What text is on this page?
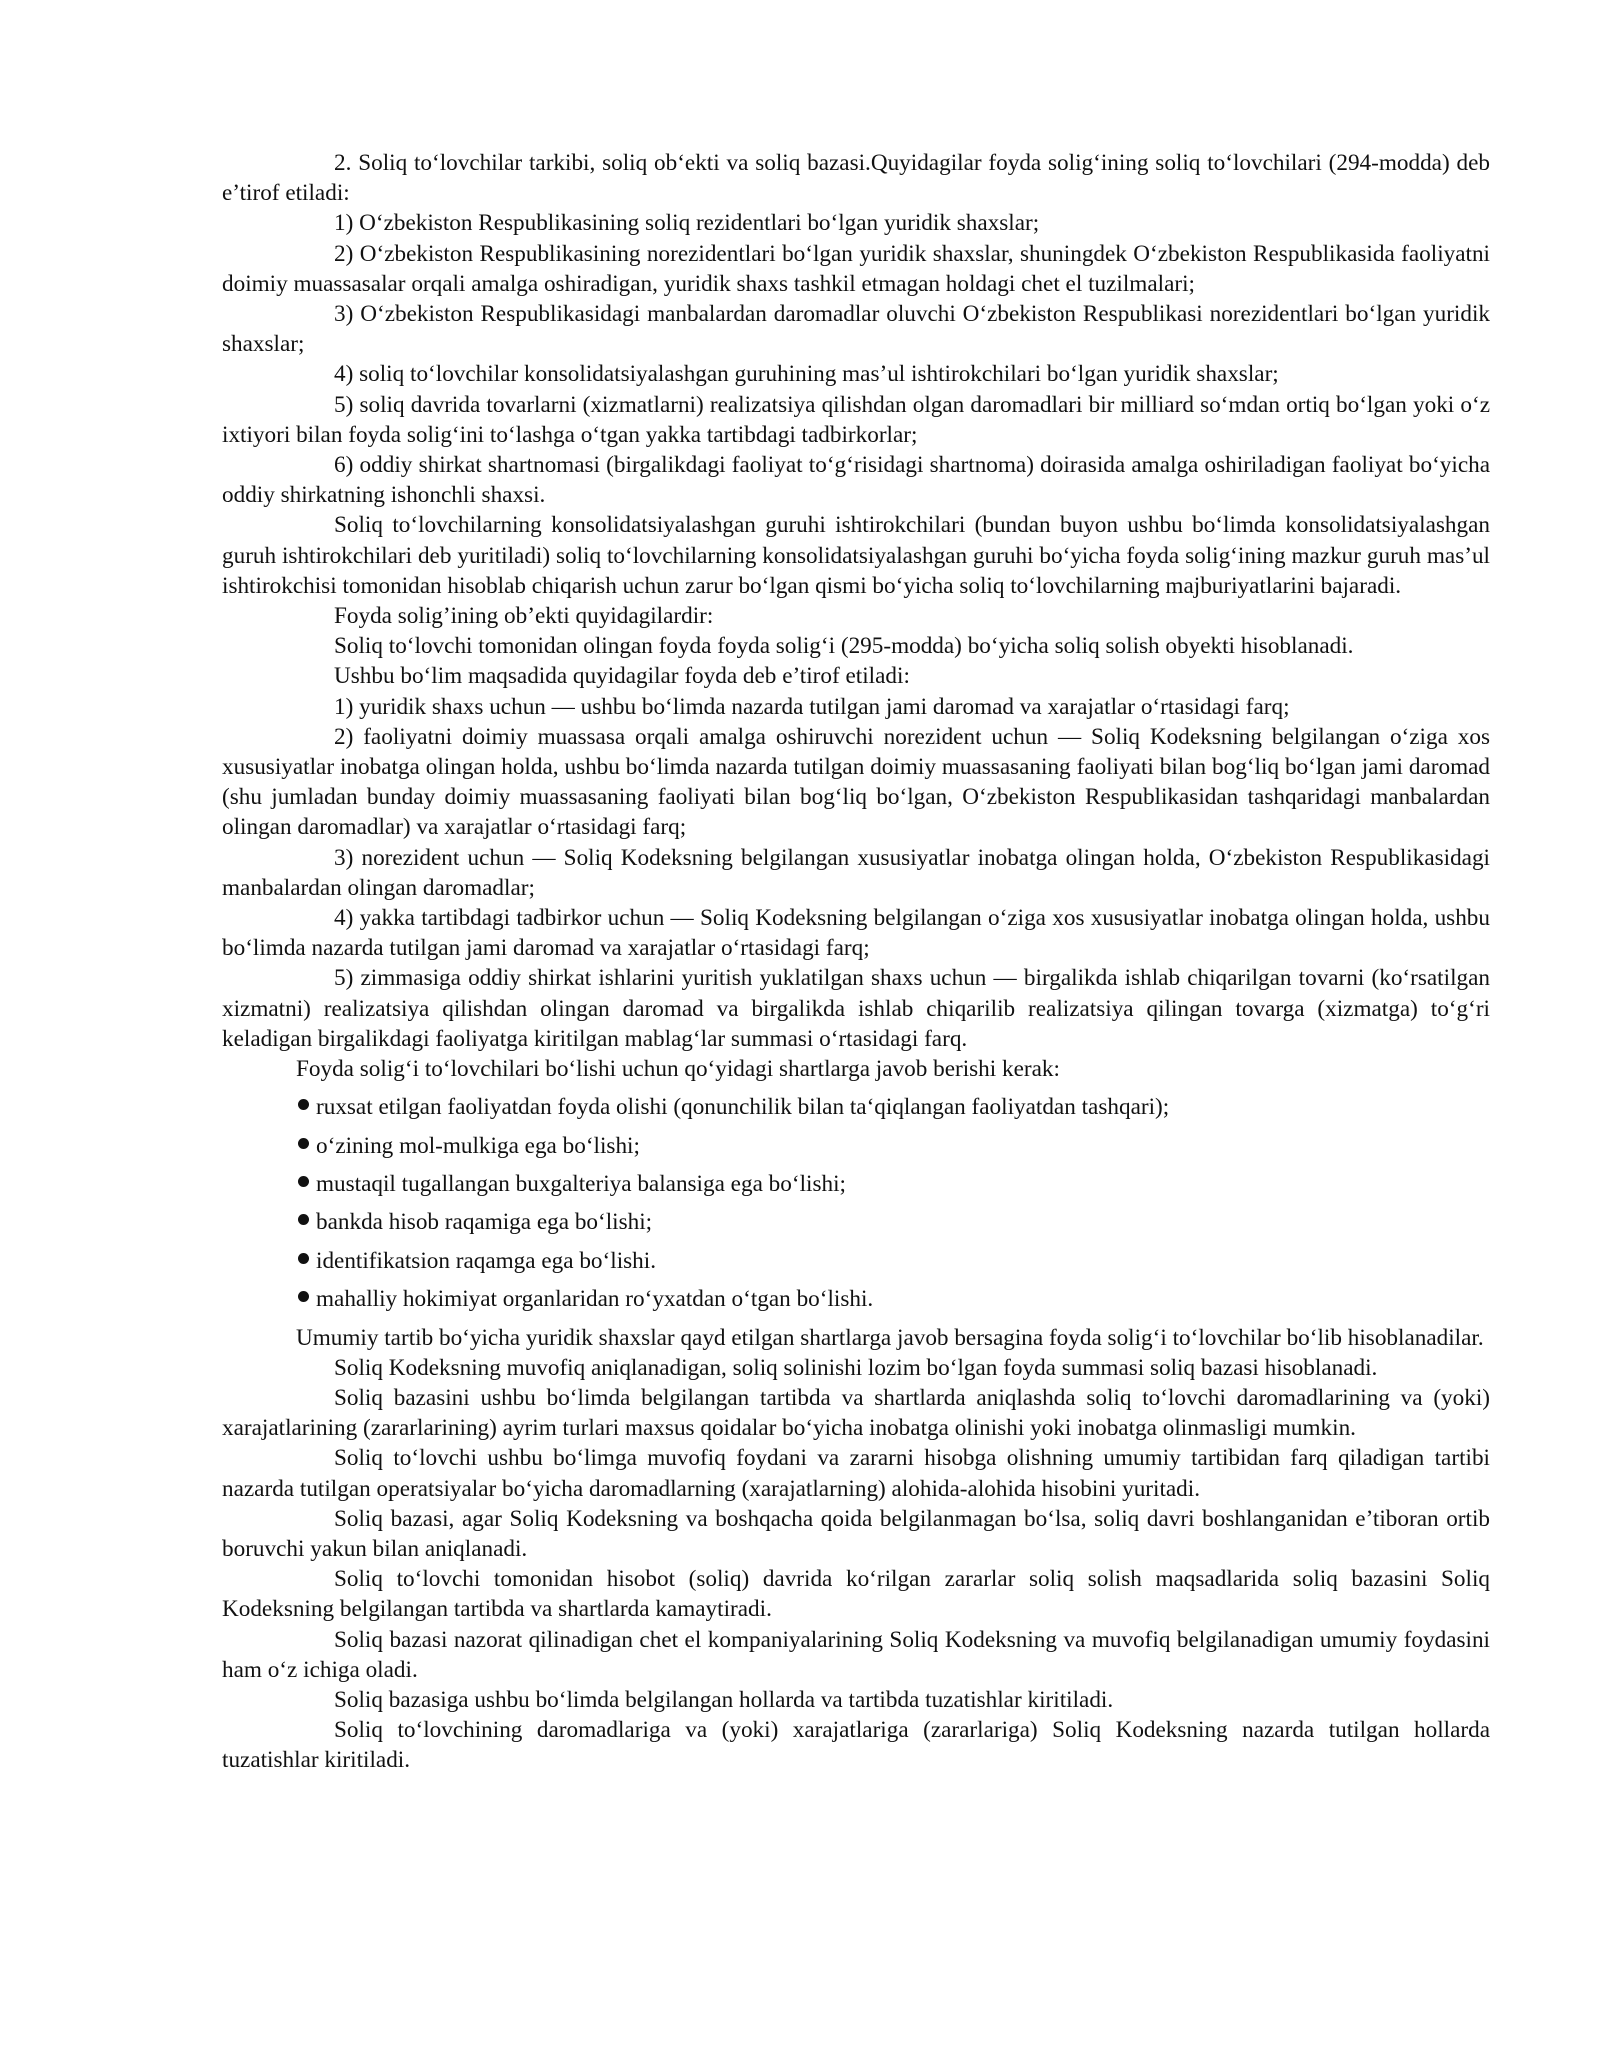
2. Soliq to‘lovchilar tarkibi, soliq ob‘ekti va soliq bazasi.Quyidagilar foyda solig‘ining soliq to‘lovchilari (294-modda) deb e’tirof etiladi:

1) O‘zbekiston Respublikasining soliq rezidentlari bo‘lgan yuridik shaxslar;

2) O‘zbekiston Respublikasining norezidentlari bo‘lgan yuridik shaxslar, shuningdek O‘zbekiston Respublikasida faoliyatni doimiy muassasalar orqali amalga oshiradigan, yuridik shaxs tashkil etmagan holdagi chet el tuzilmalari;

3) O‘zbekiston Respublikasidagi manbalardan daromadlar oluvchi O‘zbekiston Respublikasi norezidentlari bo‘lgan yuridik shaxslar;

4) soliq to‘lovchilar konsolidatsiyalashgan guruhining mas’ul ishtirokchilari bo‘lgan yuridik shaxslar;

5) soliq davrida tovarlarni (xizmatlarni) realizatsiya qilishdan olgan daromadlari bir milliard so‘mdan ortiq bo‘lgan yoki o‘z ixtiyori bilan foyda solig‘ini to‘lashga o‘tgan yakka tartibdagi tadbirkorlar;

6) oddiy shirkat shartnomasi (birgalikdagi faoliyat to‘g‘risidagi shartnoma) doirasida amalga oshiriladigan faoliyat bo‘yicha oddiy shirkatning ishonchli shaxsi.

Soliq to‘lovchilarning konsolidatsiyalashgan guruhi ishtirokchilari (bundan buyon ushbu bo‘limda konsolidatsiyalashgan guruh ishtirokchilari deb yuritiladi) soliq to‘lovchilarning konsolidatsiyalashgan guruhi bo‘yicha foyda solig‘ining mazkur guruh mas’ul ishtirokchisi tomonidan hisoblab chiqarish uchun zarur bo‘lgan qismi bo‘yicha soliq to‘lovchilarning majburiyatlarini bajaradi.

Foyda solig’ining ob’ekti quyidagilardir:

Soliq to‘lovchi tomonidan olingan foyda foyda solig‘i (295-modda) bo‘yicha soliq solish obyekti hisoblanadi.

Ushbu bo‘lim maqsadida quyidagilar foyda deb e’tirof etiladi:

1) yuridik shaxs uchun — ushbu bo‘limda nazarda tutilgan jami daromad va xarajatlar o‘rtasidagi farq;

2) faoliyatni doimiy muassasa orqali amalga oshiruvchi norezident uchun — Soliq Kodeksning belgilangan o‘ziga xos xususiyatlar inobatga olingan holda, ushbu bo‘limda nazarda tutilgan doimiy muassasaning faoliyati bilan bog‘liq bo‘lgan jami daromad (shu jumladan bunday doimiy muassasaning faoliyati bilan bog‘liq bo‘lgan, O‘zbekiston Respublikasidan tashqaridagi manbalardan olingan daromadlar) va xarajatlar o‘rtasidagi farq;

3) norezident uchun — Soliq Kodeksning belgilangan xususiyatlar inobatga olingan holda, O‘zbekiston Respublikasidagi manbalardan olingan daromadlar;

4) yakka tartibdagi tadbirkor uchun — Soliq Kodeksning belgilangan o‘ziga xos xususiyatlar inobatga olingan holda, ushbu bo‘limda nazarda tutilgan jami daromad va xarajatlar o‘rtasidagi farq;

5) zimmasiga oddiy shirkat ishlarini yuritish yuklatilgan shaxs uchun — birgalikda ishlab chiqarilgan tovarni (ko‘rsatilgan xizmatni) realizatsiya qilishdan olingan daromad va birgalikda ishlab chiqarilib realizatsiya qilingan tovarga (xizmatga) to‘g‘ri keladigan birgalikdagi faoliyatga kiritilgan mablag‘lar summasi o‘rtasidagi farq.

Foyda solig‘i to‘lovchilari bo‘lishi uchun qo‘yidagi shartlarga javob berishi kerak:

ruxsat etilgan faoliyatdan foyda olishi (qonunchilik bilan ta‘qiqlangan faoliyatdan tashqari);
o‘zining mol-mulkiga ega bo‘lishi;
mustaqil tugallangan buxgalteriya balansiga ega bo‘lishi;
bankda hisob raqamiga ega bo‘lishi;
identifikatsion raqamga ega bo‘lishi.
mahalliy hokimiyat organlaridan ro‘yxatdan o‘tgan bo‘lishi.

Umumiy tartib bo‘yicha yuridik shaxslar qayd etilgan shartlarga javob bersagina foyda solig‘i to‘lovchilar bo‘lib hisoblanadilar.

Soliq Kodeksning muvofiq aniqlanadigan, soliq solinishi lozim bo‘lgan foyda summasi soliq bazasi hisoblanadi.

Soliq bazasini ushbu bo‘limda belgilangan tartibda va shartlarda aniqlashda soliq to‘lovchi daromadlarining va (yoki) xarajatlarining (zararlarining) ayrim turlari maxsus qoidalar bo‘yicha inobatga olinishi yoki inobatga olinmasligi mumkin.

Soliq to‘lovchi ushbu bo‘limga muvofiq foydani va zararni hisobga olishning umumiy tartibidan farq qiladigan tartibi nazarda tutilgan operatsiyalar bo‘yicha daromadlarning (xarajatlarning) alohida-alohida hisobini yuritadi.

Soliq bazasi, agar Soliq Kodeksning va boshqacha qoida belgilanmagan bo‘lsa, soliq davri boshlanganidan e’tiboran ortib boruvchi yakun bilan aniqlanadi.

Soliq to‘lovchi tomonidan hisobot (soliq) davrida ko‘rilgan zararlar soliq solish maqsadlarida soliq bazasini Soliq Kodeksning belgilangan tartibda va shartlarda kamaytiradi.

Soliq bazasi nazorat qilinadigan chet el kompaniyalarining Soliq Kodeksning va muvofiq belgilanadigan umumiy foydasini ham o‘z ichiga oladi.

Soliq bazasiga ushbu bo‘limda belgilangan hollarda va tartibda tuzatishlar kiritiladi.

Soliq to‘lovchining daromadlariga va (yoki) xarajatlariga (zararlariga) Soliq Kodeksning nazarda tutilgan hollarda tuzatishlar kiritiladi.
